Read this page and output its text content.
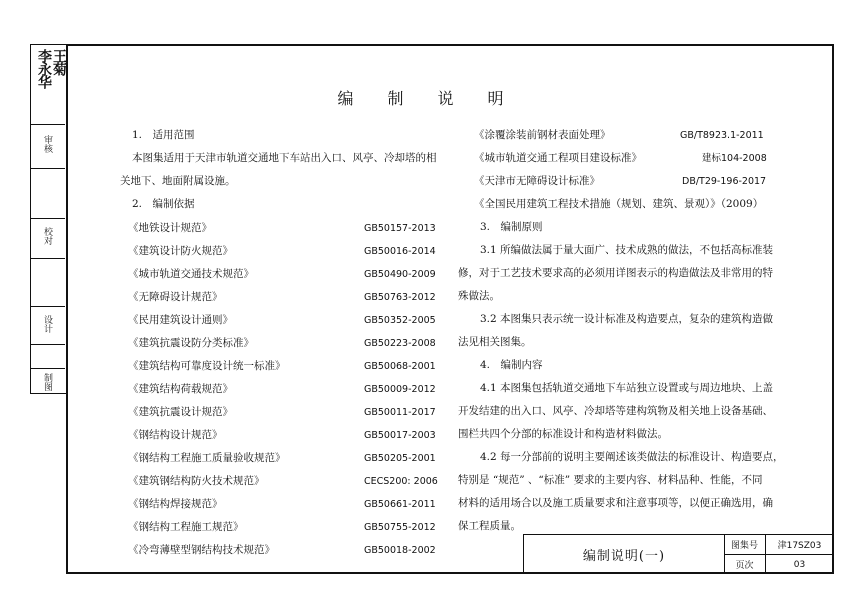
李永华 王菊
审核
校对
设计
制图
编制说明
1.　适用范围
本图集适用于天津市轨道交通地下车站出入口、风亭、冷却塔的相
关地下、地面附属设施。
2.　编制依据
《地铁设计规范》	GB50157-2013
《建筑设计防火规范》	GB50016-2014
《城市轨道交通技术规范》	GB50490-2009
《无障碍设计规范》	GB50763-2012
《民用建筑设计通则》	GB50352-2005
《建筑抗震设防分类标准》	GB50223-2008
《建筑结构可靠度设计统一标准》	GB50068-2001
《建筑结构荷载规范》	GB50009-2012
《建筑抗震设计规范》	GB50011-2017
《钢结构设计规范》	GB50017-2003
《钢结构工程施工质量验收规范》	GB50205-2001
《建筑钢结构防火技术规范》	CECS200: 2006
《钢结构焊接规范》	GB50661-2011
《钢结构工程施工规范》	GB50755-2012
《冷弯薄壁型钢结构技术规范》	GB50018-2002
《涂覆涂装前钢材表面处理》	GB/T8923.1-2011
《城市轨道交通工程项目建设标准》	建标104-2008
《天津市无障碍设计标准》	DB/T29-196-2017
《全国民用建筑工程技术措施（规划、建筑、景观）》（2009）
3.　编制原则
3.1 所编做法属于量大面广、技术成熟的做法，不包括高标准装
修，对于工艺技术要求高的必须用详图表示的构造做法及非常用的特
殊做法。
3.2 本图集只表示统一设计标准及构造要点，复杂的建筑构造做
法见相关图集。
4.　编制内容
4.1 本图集包括轨道交通地下车站独立设置或与周边地块、上盖
开发结建的出入口、风亭、冷却塔等建构筑物及相关地上设备基础、
围栏共四个分部的标准设计和构造材料做法。
4.2 每一分部前的说明主要阐述该类做法的标准设计、构造要点，
特别是 “规范” 、“标准” 要求的主要内容、材料品种、性能，不同
材料的适用场合以及施工质量要求和注意事项等，以便正确选用，确
保工程质量。
编制说明(一)
图集号	津17SZ03
页次	03
